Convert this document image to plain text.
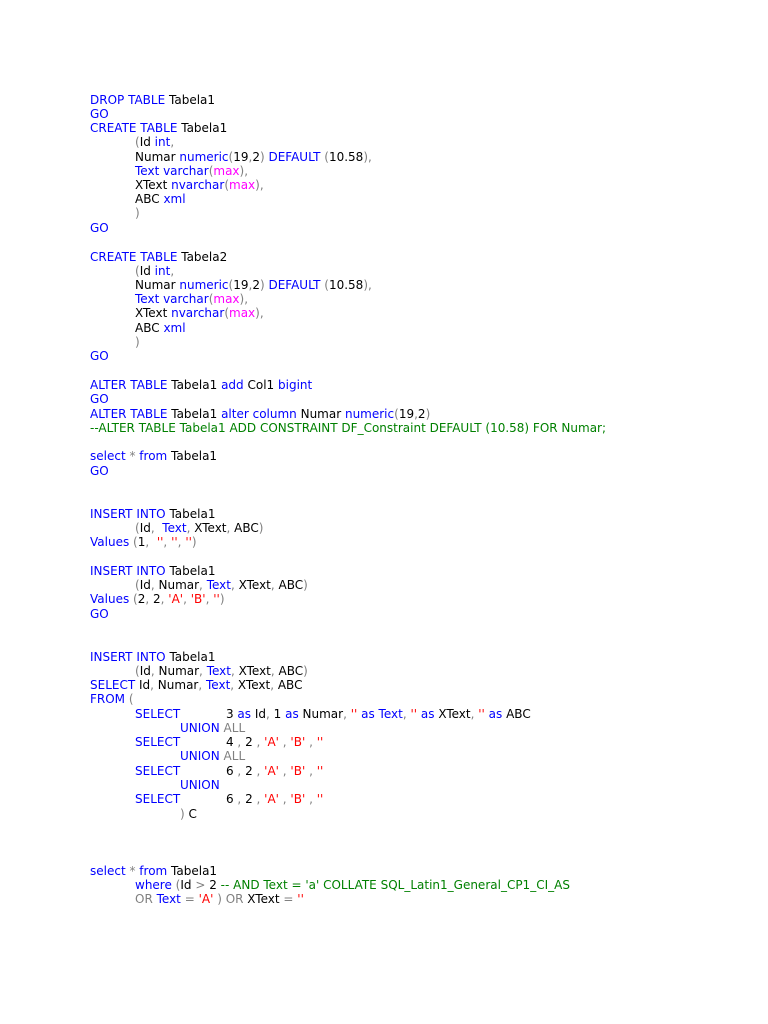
DROP TABLE Tabela1
GO
CREATE TABLE Tabela1
(Id int,
Numar numeric(19,2) DEFAULT (10.58),
Text varchar(max),
XText nvarchar(max),
ABC xml
)
GO
CREATE TABLE Tabela2
(Id int,
Numar numeric(19,2) DEFAULT (10.58),
Text varchar(max),
XText nvarchar(max),
ABC xml
)
GO
ALTER TABLE Tabela1 add Col1 bigint
GO
ALTER TABLE Tabela1 alter column Numar numeric(19,2)
--ALTER TABLE Tabela1 ADD CONSTRAINT DF_Constraint DEFAULT (10.58) FOR Numar;
select * from Tabela1
GO
INSERT INTO Tabela1
(Id,  Text, XText, ABC)
Values (1,  '', '', '')
INSERT INTO Tabela1
(Id, Numar, Text, XText, ABC)
Values (2, 2, 'A', 'B', '')
GO
INSERT INTO Tabela1
(Id, Numar, Text, XText, ABC)
SELECT Id, Numar, Text, XText, ABC
FROM (
SELECT            3 as Id, 1 as Numar, '' as Text, '' as XText, '' as ABC
UNION ALL
SELECT            4 , 2 , 'A' , 'B' , ''
UNION ALL
SELECT            6 , 2 , 'A' , 'B' , ''
UNION
SELECT            6 , 2 , 'A' , 'B' , ''
) C
select * from Tabela1
where (Id > 2 -- AND Text = 'a' COLLATE SQL_Latin1_General_CP1_CI_AS
OR Text = 'A' ) OR XText = ''
